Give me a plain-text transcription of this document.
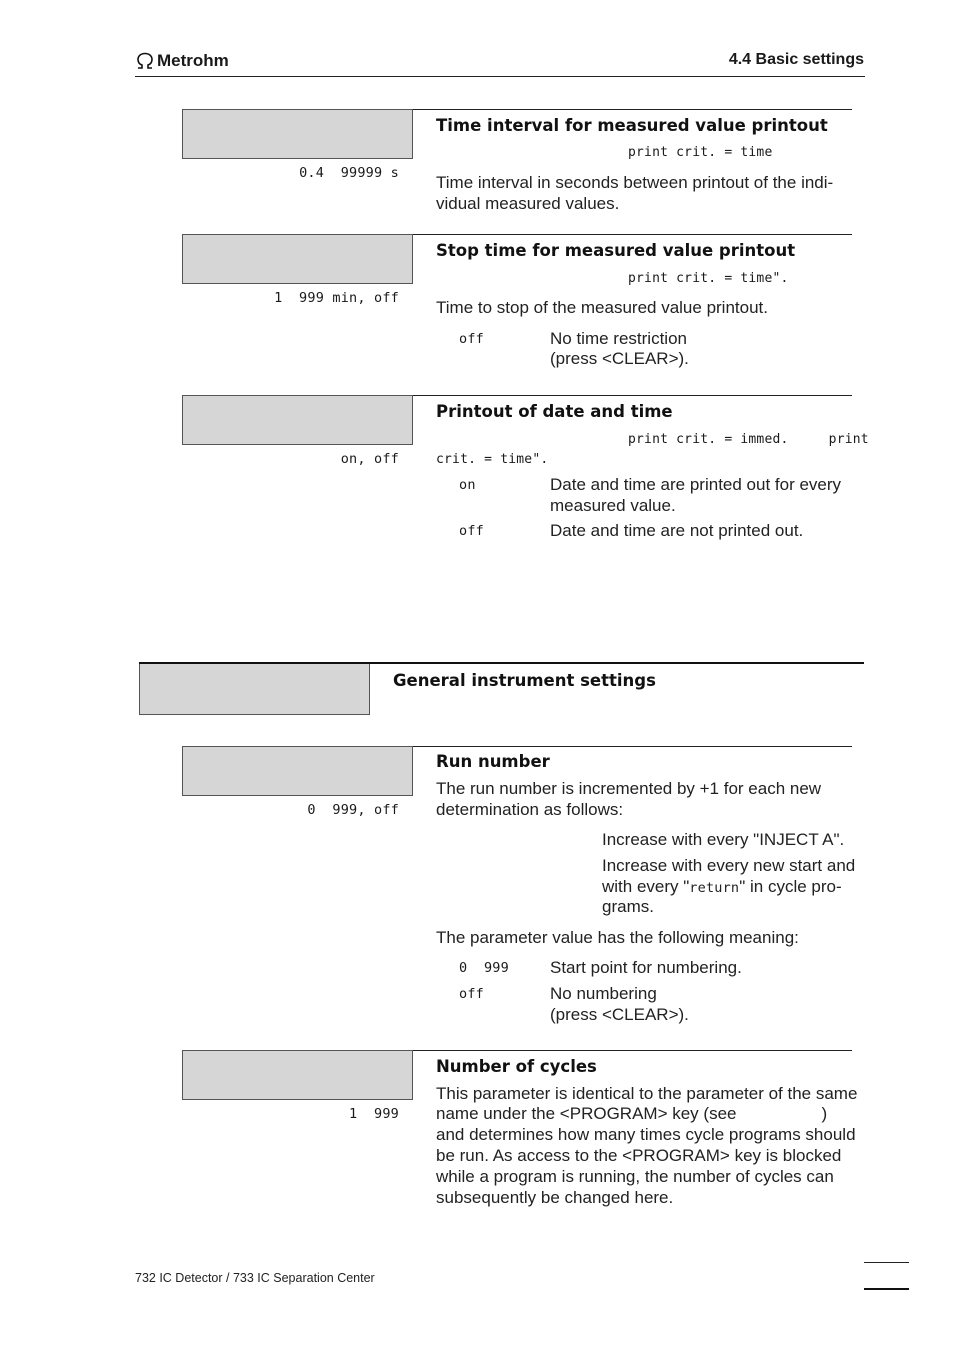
Metrohm	4.4 Basic settings
Time interval for measured value printout
0.4  99999 s
print crit. = time
Time interval in seconds between printout of the indi-vidual measured values.
Stop time for measured value printout
1  999 min, off
print crit. = time".
Time to stop of the measured value printout.
off	No time restriction
(press <CLEAR>).
Printout of date and time
on, off
print crit. = immed.     print
crit. = time".
on	Date and time are printed out for every
measured value.
off	Date and time are not printed out.
General instrument settings
Run number
0  999, off
The run number is incremented by +1 for each new
determination as follows:
Increase with every "INJECT A".
Increase with every new start and
with every "return" in cycle pro-
grams.
The parameter value has the following meaning:
0  999 Start point for numbering.
off	No numbering
(press <CLEAR>).
Number of cycles
1  999
This parameter is identical to the parameter of the same
name under the <PROGRAM> key (see                  )
and determines how many times cycle programs should
be run. As access to the <PROGRAM> key is blocked
while a program is running, the number of cycles can
subsequently be changed here.
732 IC Detector / 733 IC Separation Center
